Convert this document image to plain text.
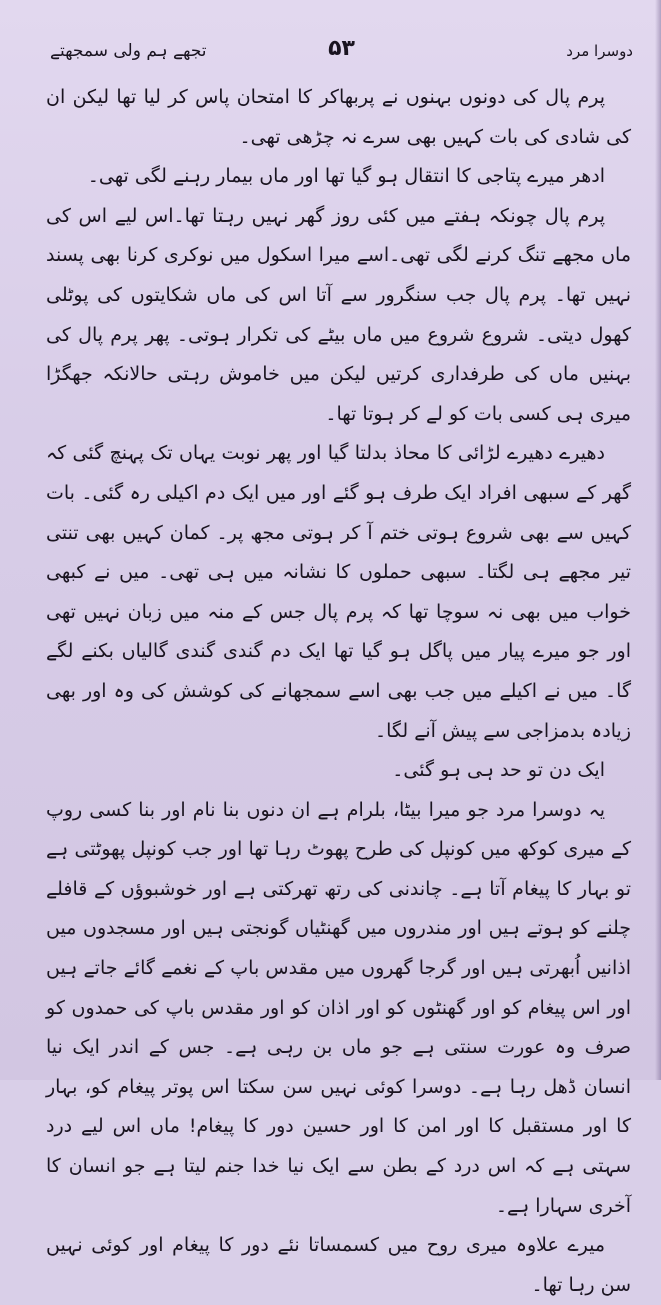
دوسرا مرد
۵۳
تجھے ہم ولی سمجھتے

پرم پال کی دونوں بہنوں نے پربھاکر کا امتحان پاس کر لیا تھا لیکن ان کی شادی کی بات کہیں بھی سرے نہ چڑھی تھی۔

ادھر میرے پتاجی کا انتقال ہو گیا تھا اور ماں بیمار رہنے لگی تھی۔

پرم پال چونکہ ہفتے میں کئی روز گھر نہیں رہتا تھا۔اس لیے اس کی ماں مجھے تنگ کرنے لگی تھی۔اسے میرا اسکول میں نوکری کرنا بھی پسند نہیں تھا۔ پرم پال جب سنگرور سے آتا اس کی ماں شکایتوں کی پوٹلی کھول دیتی۔ شروع شروع میں ماں بیٹے کی تکرار ہوتی۔ پھر پرم پال کی بہنیں ماں کی طرفداری کرتیں لیکن میں خاموش رہتی حالانکہ جھگڑا میری ہی کسی بات کو لے کر ہوتا تھا۔

دھیرے دھیرے لڑائی کا محاذ بدلتا گیا اور پھر نوبت یہاں تک پہنچ گئی کہ گھر کے سبھی افراد ایک طرف ہو گئے اور میں ایک دم اکیلی رہ گئی۔ بات کہیں سے بھی شروع ہوتی ختم آ کر ہوتی مجھ پر۔ کمان کہیں بھی تنتی تیر مجھے ہی لگتا۔ سبھی حملوں کا نشانہ میں ہی تھی۔ میں نے کبھی خواب میں بھی نہ سوچا تھا کہ پرم پال جس کے منہ میں زبان نہیں تھی اور جو میرے پیار میں پاگل ہو گیا تھا ایک دم گندی گندی گالیاں بکنے لگے گا۔ میں نے اکیلے میں جب بھی اسے سمجھانے کی کوشش کی وہ اور بھی زیادہ بدمزاجی سے پیش آنے لگا۔

ایک دن تو حد ہی ہو گئی۔

یہ دوسرا مرد جو میرا بیٹا، بلرام ہے ان دنوں بنا نام اور بنا کسی روپ کے میری کوکھ میں کونپل کی طرح پھوٹ رہا تھا اور جب کونپل پھوٹتی ہے تو بہار کا پیغام آتا ہے۔ چاندنی کی رتھ تھرکتی ہے اور خوشبوؤں کے قافلے چلنے کو ہوتے ہیں اور مندروں میں گھنٹیاں گونجتی ہیں اور مسجدوں میں اذانیں اُبھرتی ہیں اور گرجا گھروں میں مقدس باپ کے نغمے گائے جاتے ہیں اور اس پیغام کو اور گھنٹوں کو اور اذان کو اور مقدس باپ کی حمدوں کو صرف وہ عورت سنتی ہے جو ماں بن رہی ہے۔ جس کے اندر ایک نیا انسان ڈھل رہا ہے۔ دوسرا کوئی نہیں سن سکتا اس پوتر پیغام کو، بہار کا اور مستقبل کا اور امن کا اور حسین دور کا پیغام! ماں اس لیے درد سہتی ہے کہ اس درد کے بطن سے ایک نیا خدا جنم لیتا ہے جو انسان کا آخری سہارا ہے۔

میرے علاوہ میری روح میں کسمساتا نئے دور کا پیغام اور کوئی نہیں سن رہا تھا۔
